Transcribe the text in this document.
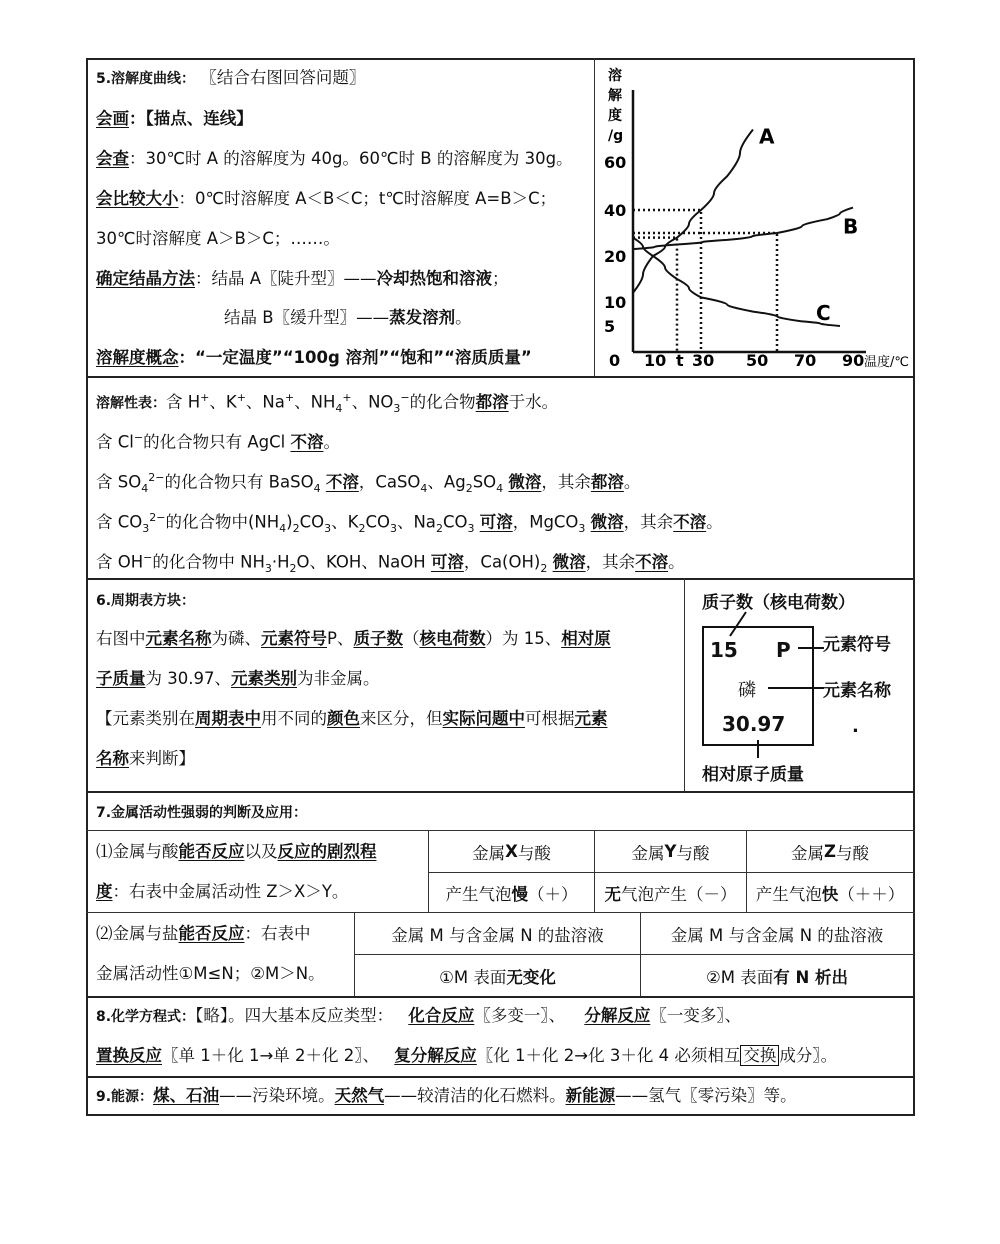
5.溶解度曲线： 〖结合右图回答问题〗
会画：【描点、连线】
会查：30℃时 A 的溶解度为 40g。60℃时 B 的溶解度为 30g。
会比较大小：0℃时溶解度 A＜B＜C；t℃时溶解度 A=B＞C；
30℃时溶解度 A＞B＞C；……。
确定结晶方法：结晶 A〖陡升型〗——冷却热饱和溶液；
结晶 B〖缓升型〗——蒸发溶剂。
溶解度概念：“一定温度”“100g 溶剂”“饱和”“溶质质量”
溶
解
度
/g
60
40
20
10
5
0 10 t 30 50 70 90 温度/℃
A
B
C
溶解性表：含 H+、K+、Na+、$NH_4^+$、$NO_3^-$的化合物都溶于水。
含 Cl−的化合物只有 AgCl 不溶。
含 $SO_4^{2-}$的化合物只有 BaSO$_4$ 不溶，CaSO$_4$、$Ag_2SO_4$ 微溶，其余都溶。
含 $CO_3^{2-}$的化合物中$(NH_4)_2CO_3$、$K_2CO_3$、$Na_2CO_3$ 可溶，MgCO$_3$ 微溶，其余不溶。
含 OH−的化合物中 $NH_3\cdot H_2O$、KOH、NaOH 可溶，$Ca(OH)_2$ 微溶，其余不溶。
6.周期表方块：
右图中元素名称为磷、元素符号P、质子数（核电荷数）为 15、相对原
子质量为 30.97、元素类别为非金属。
【元素类别在周期表中用不同的颜色来区分，但实际问题中可根据元素
名称来判断】
质子数（核电荷数）
15 P
磷
30.97
元素符号
元素名称
相对原子质量
.
7.金属活动性强弱的判断及应用：
⑴金属与酸能否反应以及反应的剧烈程
度：右表中金属活动性 Z＞X＞Y。
金属 X 与酸	金属 Y 与酸	金属 Z 与酸
产生气泡 慢 （＋） 无 气泡产生（－） 产生气泡 快 （＋＋）
⑵金属与盐能否反应：右表中
金属活动性①M≤N；②M＞N。
金属 M 与含金属 N 的盐溶液	金属 M 与含金属 N 的盐溶液
①M 表面 无变化	②M 表面 有 N 析出
8.化学方程式：【略】。四大基本反应类型： 化合反应〖多变一〗、 分解反应〖一变多〗、
置换反应〖单 1＋化 1→单 2＋化 2〗、 复分解反应〖化 1＋化 2→化 3＋化 4 必须相互 交换 成分〗。
9.能源：煤、石油——污染环境。天然气——较清洁的化石燃料。新能源——氢气〖零污染〗等。
